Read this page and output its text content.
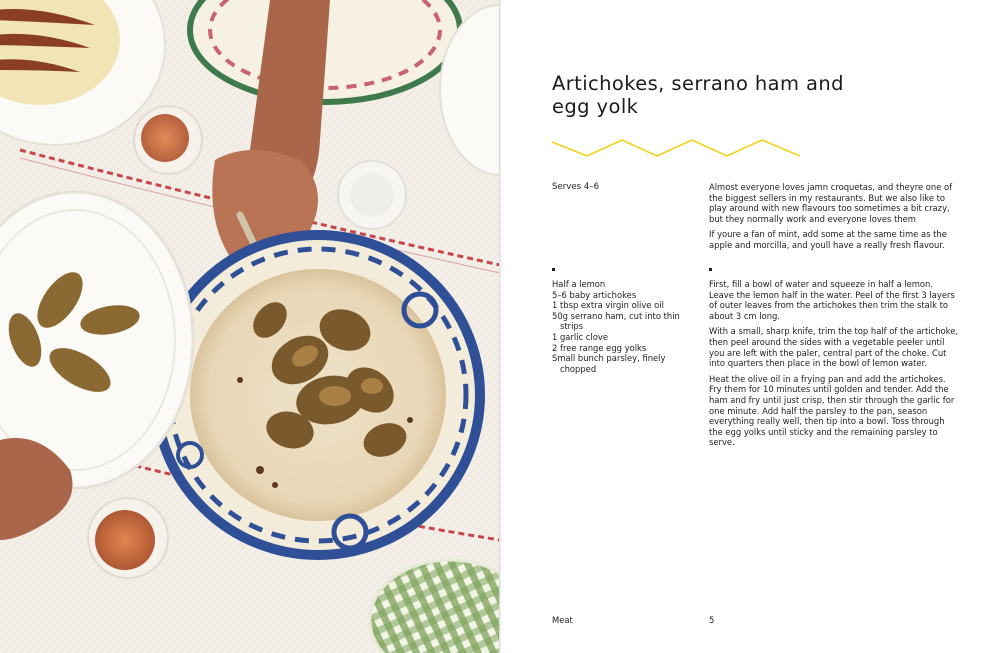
Artichokes, serrano ham and egg yolk
Serves 4–6	Almost everyone loves jamn croquetas, and theyre one of the biggest sellers in my restaurants. But we also like to play around with new flavours too sometimes a bit crazy, but they normally work and everyone loves them

If youre a fan of mint, add some at the same time as the apple and morcilla, and youll have a really fresh flavour.

Half a lemon
5–6 baby artichokes
1 tbsp extra virgin olive oil
50g serrano ham, cut into thin strips
1 garlic clove
2 free range egg yolks
Small bunch parsley, finely chopped

First, fill a bowl of water and squeeze in half a lemon. Leave the lemon half in the water. Peel of the first 3 layers of outer leaves from the artichokes then trim the stalk to about 3 cm long.

With a small, sharp knife, trim the top half of the artichoke, then peel around the sides with a vegetable peeler until you are left with the paler, central part of the choke. Cut into quarters then place in the bowl of lemon water.

Heat the olive oil in a frying pan and add the artichokes. Fry them for 10 minutes until golden and tender. Add the ham and fry until just crisp, then stir through the garlic for one minute. Add half the parsley to the pan, season everything really well, then tip into a bowl. Toss through the egg yolks until sticky and the remaining parsley to serve.

Meat	5
